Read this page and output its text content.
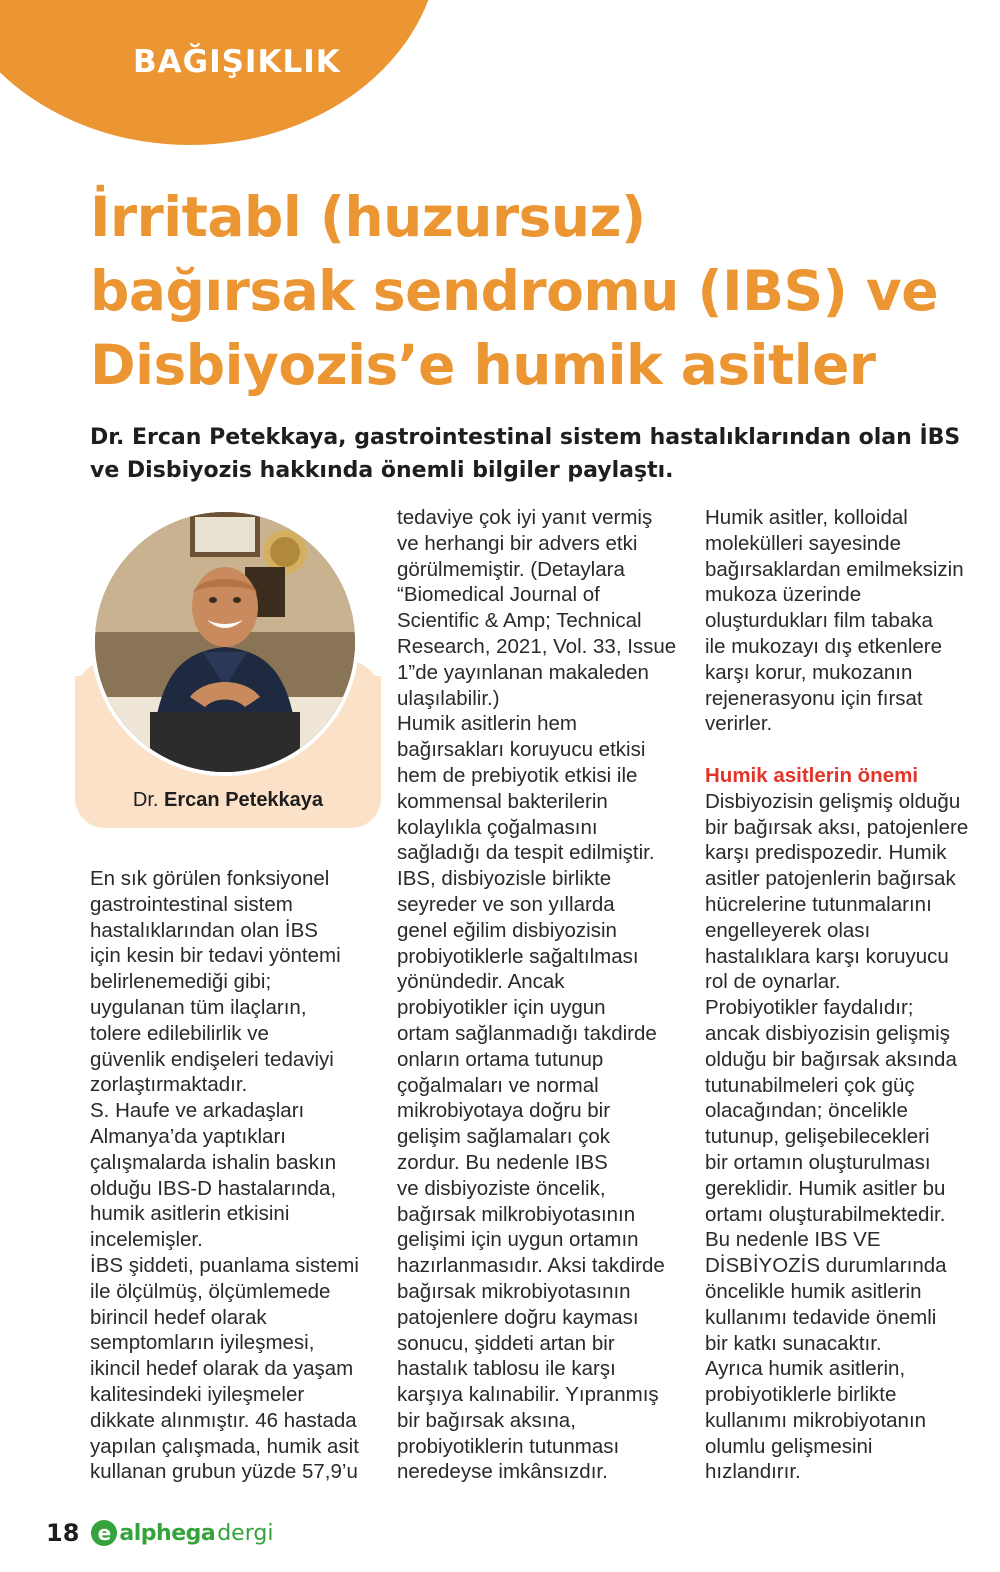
BAĞIŞIKLIK
İrritabl (huzursuz)
bağırsak sendromu (IBS) ve
Disbiyozis’e humik asitler

Dr. Ercan Petekkaya, gastrointestinal sistem hastalıklarından olan İBS
ve Disbiyozis hakkında önemli bilgiler paylaştı.

Dr. Ercan Petekkaya
En sık görülen fonksiyonel
gastrointestinal sistem
hastalıklarından olan İBS
için kesin bir tedavi yöntemi
belirlenemediği gibi;
uygulanan tüm ilaçların,
tolere edilebilirlik ve
güvenlik endişeleri tedaviyi
zorlaştırmaktadır.
S. Haufe ve arkadaşları
Almanya’da yaptıkları
çalışmalarda ishalin baskın
olduğu IBS-D hastalarında,
humik asitlerin etkisini
incelemişler.
İBS şiddeti, puanlama sistemi
ile ölçülmüş, ölçümlemede
birincil hedef olarak
semptomların iyileşmesi,
ikincil hedef olarak da yaşam
kalitesindeki iyileşmeler
dikkate alınmıştır. 46 hastada
yapılan çalışmada, humik asit
kullanan grubun yüzde 57,9’u
tedaviye çok iyi yanıt vermiş
ve herhangi bir advers etki
görülmemiştir. (Detaylara
“Biomedical Journal of
Scientific & Amp; Technical
Research, 2021, Vol. 33, Issue
1”de yayınlanan makaleden
ulaşılabilir.)
Humik asitlerin hem
bağırsakları koruyucu etkisi
hem de prebiyotik etkisi ile
kommensal bakterilerin
kolaylıkla çoğalmasını
sağladığı da tespit edilmiştir.
IBS, disbiyozisle birlikte
seyreder ve son yıllarda
genel eğilim disbiyozisin
probiyotiklerle sağaltılması
yönündedir. Ancak
probiyotikler için uygun
ortam sağlanmadığı takdirde
onların ortama tutunup
çoğalmaları ve normal
mikrobiyotaya doğru bir
gelişim sağlamaları çok
zordur. Bu nedenle IBS
ve disbiyoziste öncelik,
bağırsak milkrobiyotasının
gelişimi için uygun ortamın
hazırlanmasıdır. Aksi takdirde
bağırsak mikrobiyotasının
patojenlere doğru kayması
sonucu, şiddeti artan bir
hastalık tablosu ile karşı
karşıya kalınabilir. Yıpranmış
bir bağırsak aksına,
probiyotiklerin tutunması
neredeyse imkânsızdır.
Humik asitler, kolloidal
molekülleri sayesinde
bağırsaklardan emilmeksizin
mukoza üzerinde
oluşturdukları film tabaka
ile mukozayı dış etkenlere
karşı korur, mukozanın
rejenerasyonu için fırsat
verirler.
Humik asitlerin önemi
Disbiyozisin gelişmiş olduğu
bir bağırsak aksı, patojenlere
karşı predispozedir. Humik
asitler patojenlerin bağırsak
hücrelerine tutunmalarını
engelleyerek olası
hastalıklara karşı koruyucu
rol de oynarlar.
Probiyotikler faydalıdır;
ancak disbiyozisin gelişmiş
olduğu bir bağırsak aksında
tutunabilmeleri çok güç
olacağından; öncelikle
tutunup, gelişebilecekleri
bir ortamın oluşturulması
gereklidir. Humik asitler bu
ortamı oluşturabilmektedir.
Bu nedenle IBS VE
DİSBİYOZİS durumlarında
öncelikle humik asitlerin
kullanımı tedavide önemli
bir katkı sunacaktır.
Ayrıca humik asitlerin,
probiyotiklerle birlikte
kullanımı mikrobiyotanın
olumlu gelişmesini
hızlandırır.
18 e alphega dergi
